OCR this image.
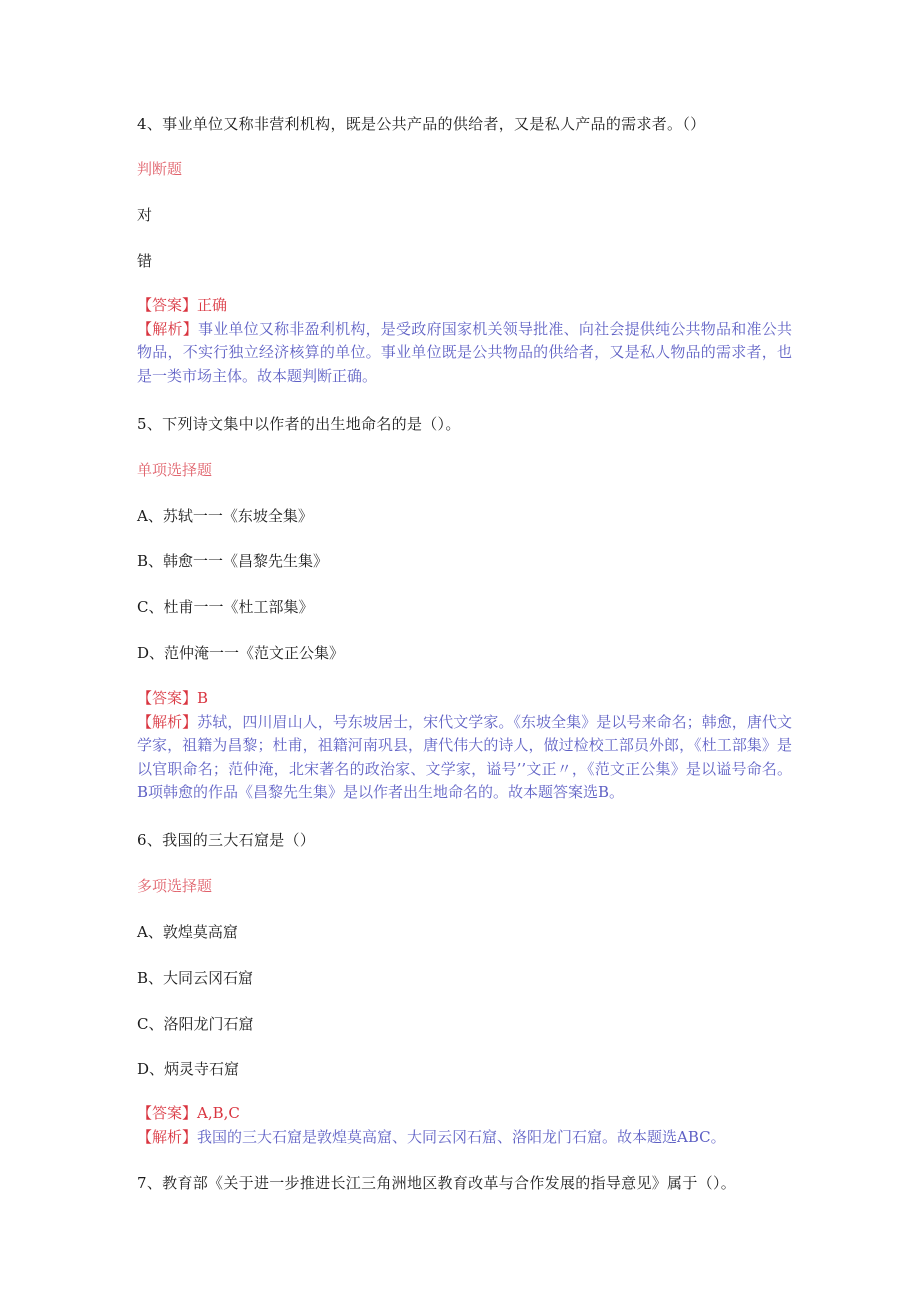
4、事业单位又称非营利机构，既是公共产品的供给者，又是私人产品的需求者。（）
判断题
对
错

【答案】正确

【解析】事业单位又称非盈利机构，是受政府国家机关领导批准、向社会提供纯公共物品和准公共物品，不实行独立经济核算的单位。事业单位既是公共物品的供给者，又是私人物品的需求者，也是一类市场主体。故本题判断正确。

5、下列诗文集中以作者的出生地命名的是（）。
单项选择题
A、苏轼一一《东坡全集》
B、韩愈一一《昌黎先生集》
C、杜甫一一《杜工部集》
D、范仲淹一一《范文正公集》

【答案】B

【解析】苏轼，四川眉山人，号东坡居士，宋代文学家。《东坡全集》是以号来命名；韩愈，唐代文学家，祖籍为昌黎；杜甫，祖籍河南巩县，唐代伟大的诗人，做过检校工部员外郎，《杜工部集》是以官职命名；范仲淹，北宋著名的政治家、文学家，谥号’’文正〃，《范文正公集》是以谥号命名。B项韩愈的作品《昌黎先生集》是以作者出生地命名的。故本题答案选B。

6、我国的三大石窟是（）
多项选择题
A、敦煌莫高窟
B、大同云冈石窟
C、洛阳龙门石窟
D、炳灵寺石窟

【答案】A,B,C

【解析】我国的三大石窟是敦煌莫高窟、大同云冈石窟、洛阳龙门石窟。故本题选ABC。

7、教育部《关于进一步推进长江三角洲地区教育改革与合作发展的指导意见》属于（）。
